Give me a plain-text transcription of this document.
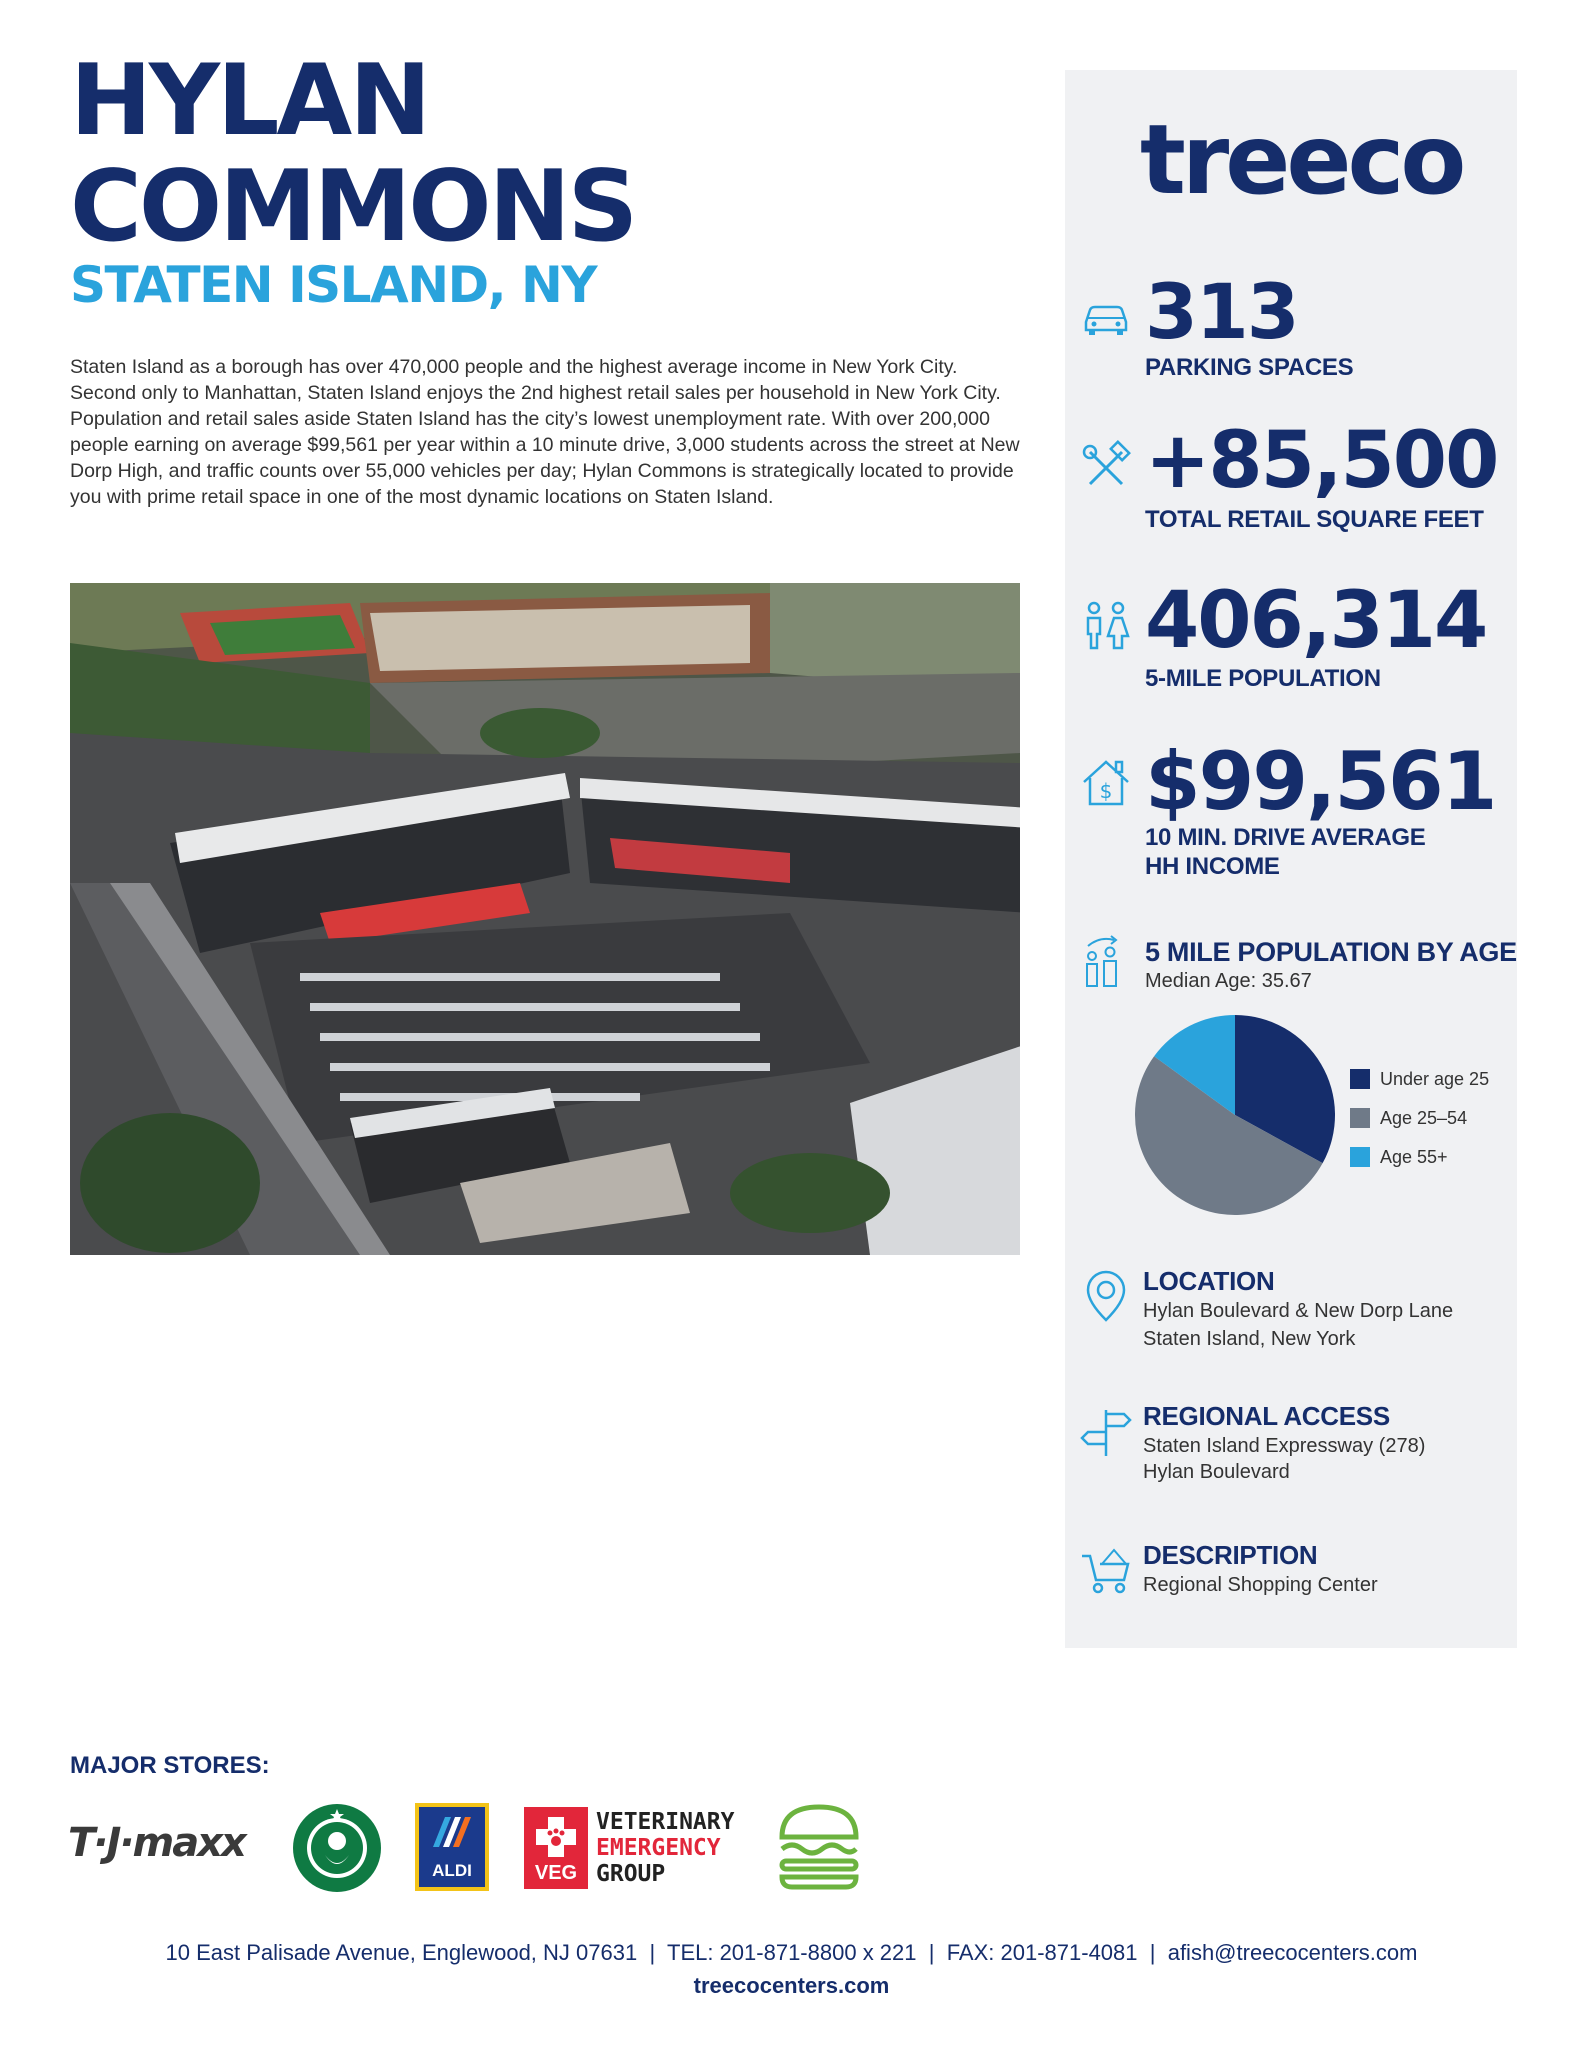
HYLAN
COMMONS
STATEN ISLAND, NY

Staten Island as a borough has over 470,000 people and the highest average income in New York City. Second only to Manhattan, Staten Island enjoys the 2nd highest retail sales per household in New York City. Population and retail sales aside Staten Island has the city’s lowest unemployment rate. With over 200,000 people earning on average $99,561 per year within a 10 minute drive, 3,000 students across the street at New Dorp High, and traffic counts over 55,000 vehicles per day; Hylan Commons is strategically located to provide you with prime retail space in one of the most dynamic locations on Staten Island.

treeco
313
PARKING SPACES
+85,500
TOTAL RETAIL SQUARE FEET
406,314
5-MILE POPULATION
$ $99,561
10 MIN. DRIVE AVERAGE
HH INCOME
5 MILE POPULATION BY AGE
Median Age: 35.67
Under age 25
Age 25–54
Age 55+
LOCATION
Hylan Boulevard & New Dorp Lane
Staten Island, New York
REGIONAL ACCESS
Staten Island Expressway (278)
Hylan Boulevard
DESCRIPTION
Regional Shopping Center
MAJOR STORES:
T·J·maxx
ALDI	VEG
VETERINARY
EMERGENCY
GROUP

10 East Palisade Avenue, Englewood, NJ 07631  |  TEL: 201-871-8800 x 221  |  FAX: 201-871-4081  |  afish@treecocenters.com

treecocenters.com
